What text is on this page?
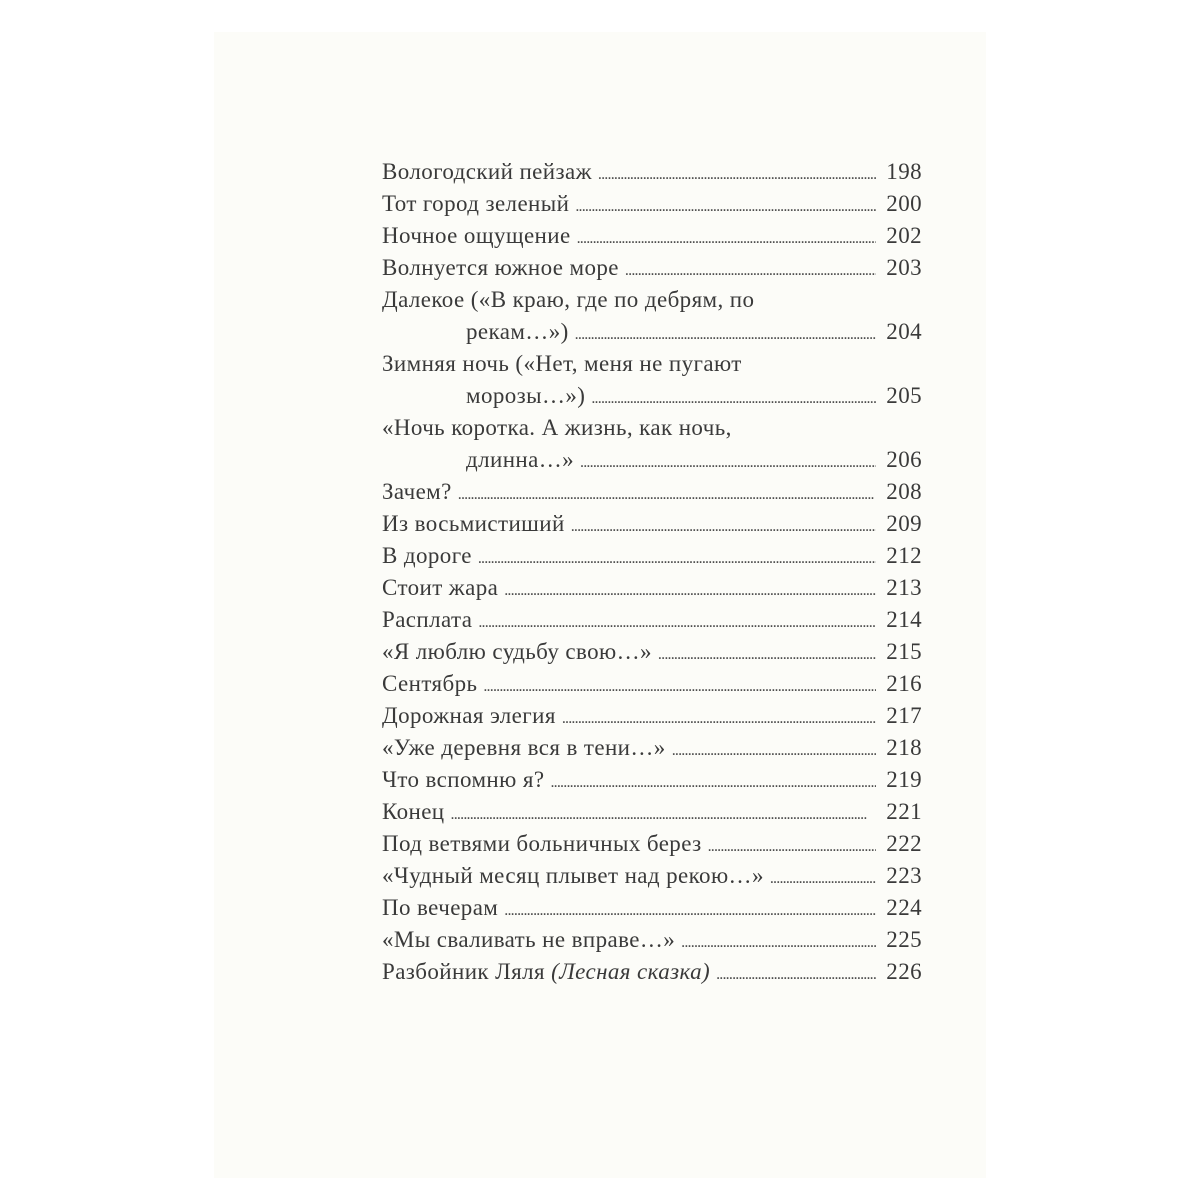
Вологодский пейзаж . . .	198
Тот город зеленый . . .	200
Ночное ощущение . . .	202
Волнуется южное море . . .	203
Далекое («В краю, где по дебрям, по
рекам…») . . .	204
Зимняя ночь («Нет, меня не пугают
морозы…») . . .	205
«Ночь коротка. А жизнь, как ночь,
длинна…» . . .	206
Зачем? . . .	208
Из восьмистиший . . .	209
В дороге . . .	212
Стоит жара . . .	213
Расплата . . .	214
«Я люблю судьбу свою…» . . .	215
Сентябрь . . .	216
Дорожная элегия . . .	217
«Уже деревня вся в тени…» . . .	218
Что вспомню я? . . .	219
Конец . . .	221
Под ветвями больничных берез . . .	222
«Чудный месяц плывет над рекою…» . . .	223
По вечерам . . .	224
«Мы сваливать не вправе…» . . .	225
Разбойник Ляля (Лесная сказка) . . .	226
